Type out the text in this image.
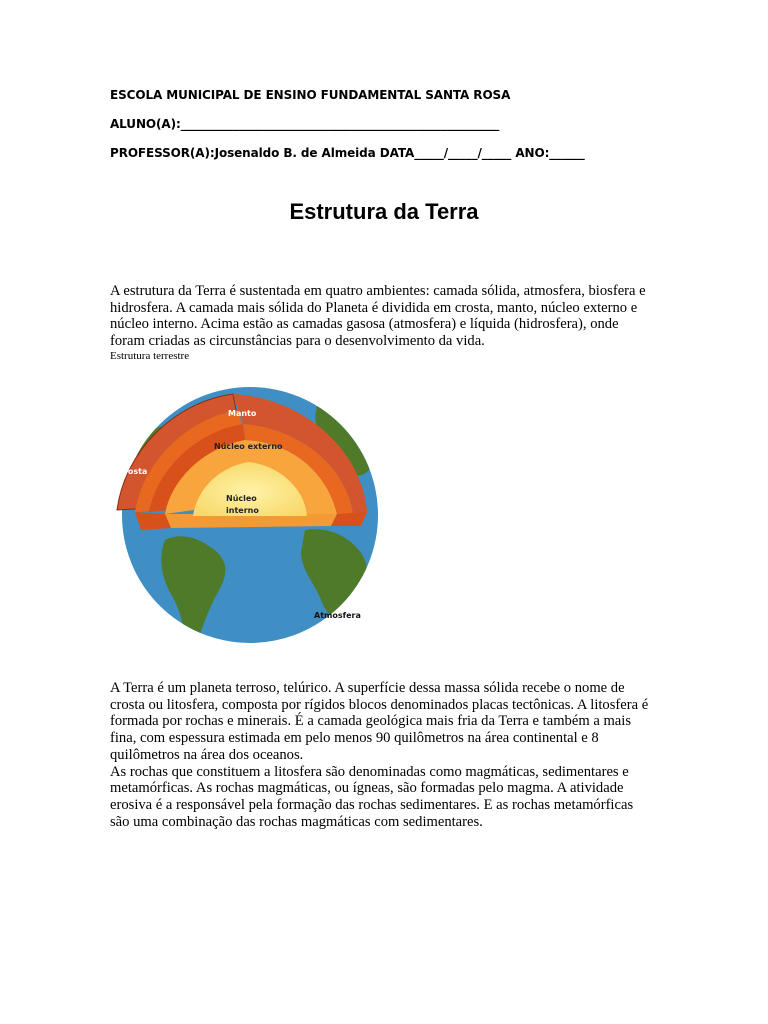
ESCOLA MUNICIPAL DE ENSINO FUNDAMENTAL SANTA ROSA

ALUNO(A):______________________________________________________

PROFESSOR(A):Josenaldo B. de Almeida DATA_____/_____/_____ ANO:______

Estrutura da Terra

A estrutura da Terra é sustentada em quatro ambientes: camada sólida, atmosfera, biosfera e hidrosfera. A camada mais sólida do Planeta é dividida em crosta, manto, núcleo externo e núcleo interno. Acima estão as camadas gasosa (atmosfera) e líquida (hidrosfera), onde foram criadas as circunstâncias para o desenvolvimento da vida.

Estrutura terrestre

Manto
Núcleo externo
Núcleo
interno
Crosta
Atmosfera

A Terra é um planeta terroso, telúrico. A superfície dessa massa sólida recebe o nome de crosta ou litosfera, composta por rígidos blocos denominados placas tectônicas. A litosfera é formada por rochas e minerais. É a camada geológica mais fria da Terra e também a mais fina, com espessura estimada em pelo menos 90 quilômetros na área continental e 8 quilômetros na área dos oceanos.

As rochas que constituem a litosfera são denominadas como magmáticas, sedimentares e metamórficas. As rochas magmáticas, ou ígneas, são formadas pelo magma. A atividade erosiva é a responsável pela formação das rochas sedimentares. E as rochas metamórficas são uma combinação das rochas magmáticas com sedimentares.
